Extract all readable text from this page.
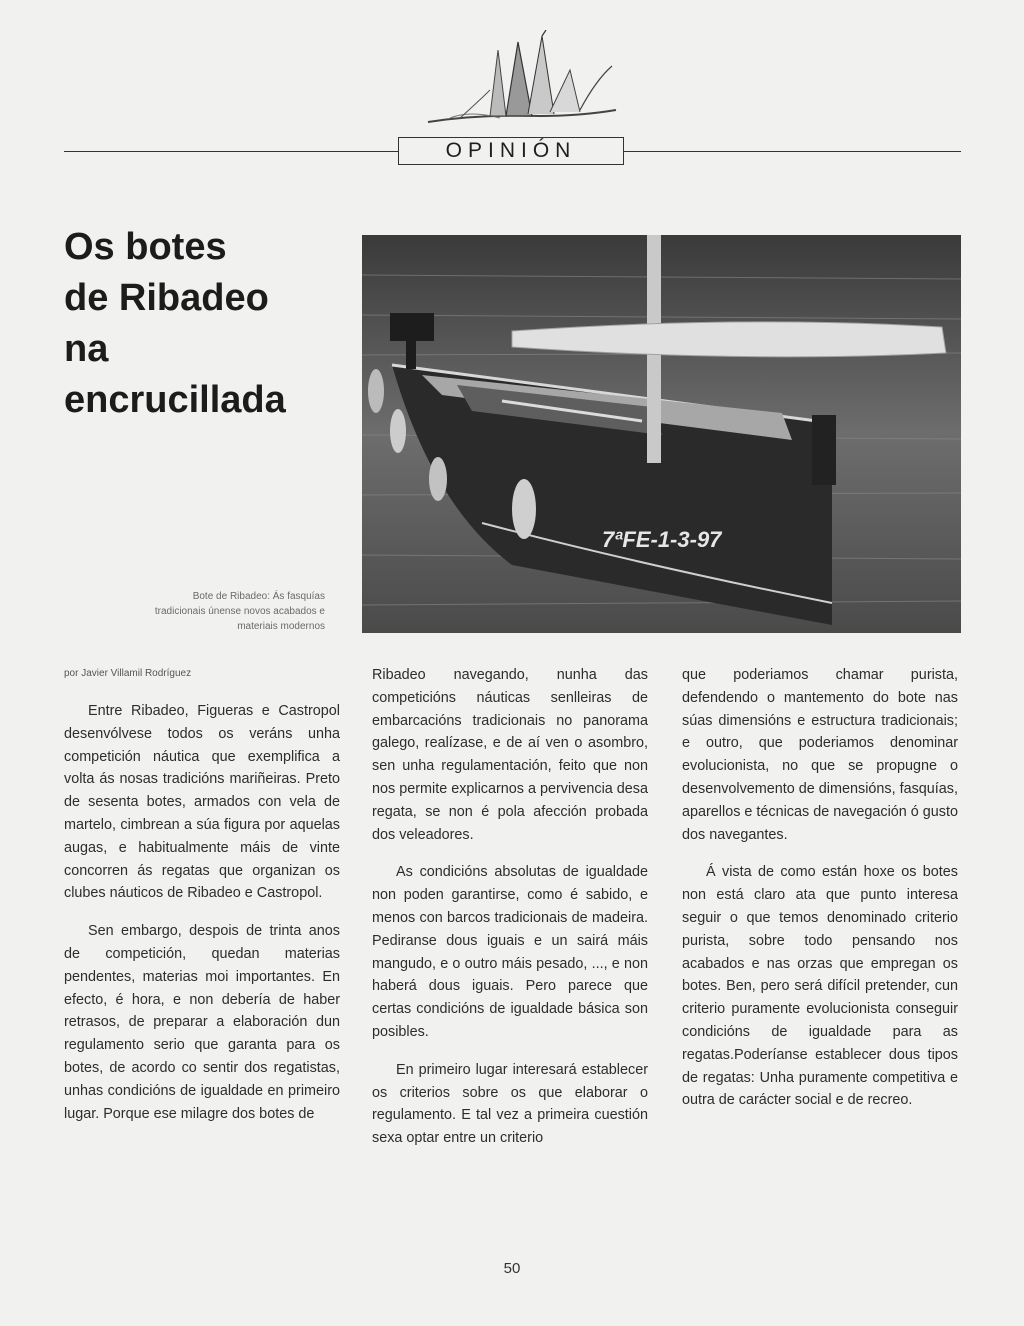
OPINIÓN
Os botes
de Ribadeo
na
encrucillada
7ªFE-1-3-97

Bote de Ribadeo: Ás fasquías tradicionais únense novos acabados e materiais modernos

por Javier Villamil Rodríguez

Entre Ribadeo, Figueras e Castropol desenvólvese todos os veráns unha competición náutica que exemplifica a volta ás nosas tradicións mariñeiras. Preto de sesenta botes, armados con vela de martelo, cimbrean a súa figura por aquelas augas, e habitualmente máis de vinte concorren ás regatas que organizan os clubes náuticos de Ribadeo e Castropol.

Sen embargo, despois de trinta anos de competición, quedan materias pendentes, materias moi importantes. En efecto, é hora, e non debería de haber retrasos, de preparar a elaboración dun regulamento serio que garanta para os botes, de acordo co sentir dos regatistas, unhas condicións de igualdade en primeiro lugar. Porque ese milagre dos botes de

Ribadeo navegando, nunha das competicións náuticas senlleiras de embarcacións tradicionais no panorama galego, realízase, e de aí ven o asombro, sen unha regulamentación, feito que non nos permite explicarnos a pervivencia desa regata, se non é pola afección probada dos veleadores.

As condicións absolutas de igualdade non poden garantirse, como é sabido, e menos con barcos tradicionais de madeira. Pediranse dous iguais e un sairá máis mangudo, e o outro máis pesado, ..., e non haberá dous iguais. Pero parece que certas condicións de igualdade básica son posibles.

En primeiro lugar interesará establecer os criterios sobre os que elaborar o regulamento. E tal vez a primeira cuestión sexa optar entre un criterio

que poderiamos chamar purista, defendendo o mantemento do bote nas súas dimensións e estructura tradicionais; e outro, que poderiamos denominar evolucionista, no que se propugne o desenvolvemento de dimensións, fasquías, aparellos e técnicas de navegación ó gusto dos navegantes.

Á vista de como están hoxe os botes non está claro ata que punto interesa seguir o que temos denominado criterio purista, sobre todo pensando nos acabados e nas orzas que empregan os botes. Ben, pero será difícil pretender, cun criterio puramente evolucionista conseguir condicións de igualdade para as regatas.Poderíanse establecer dous tipos de regatas: Unha puramente competitiva e outra de carácter social e de recreo.

50
